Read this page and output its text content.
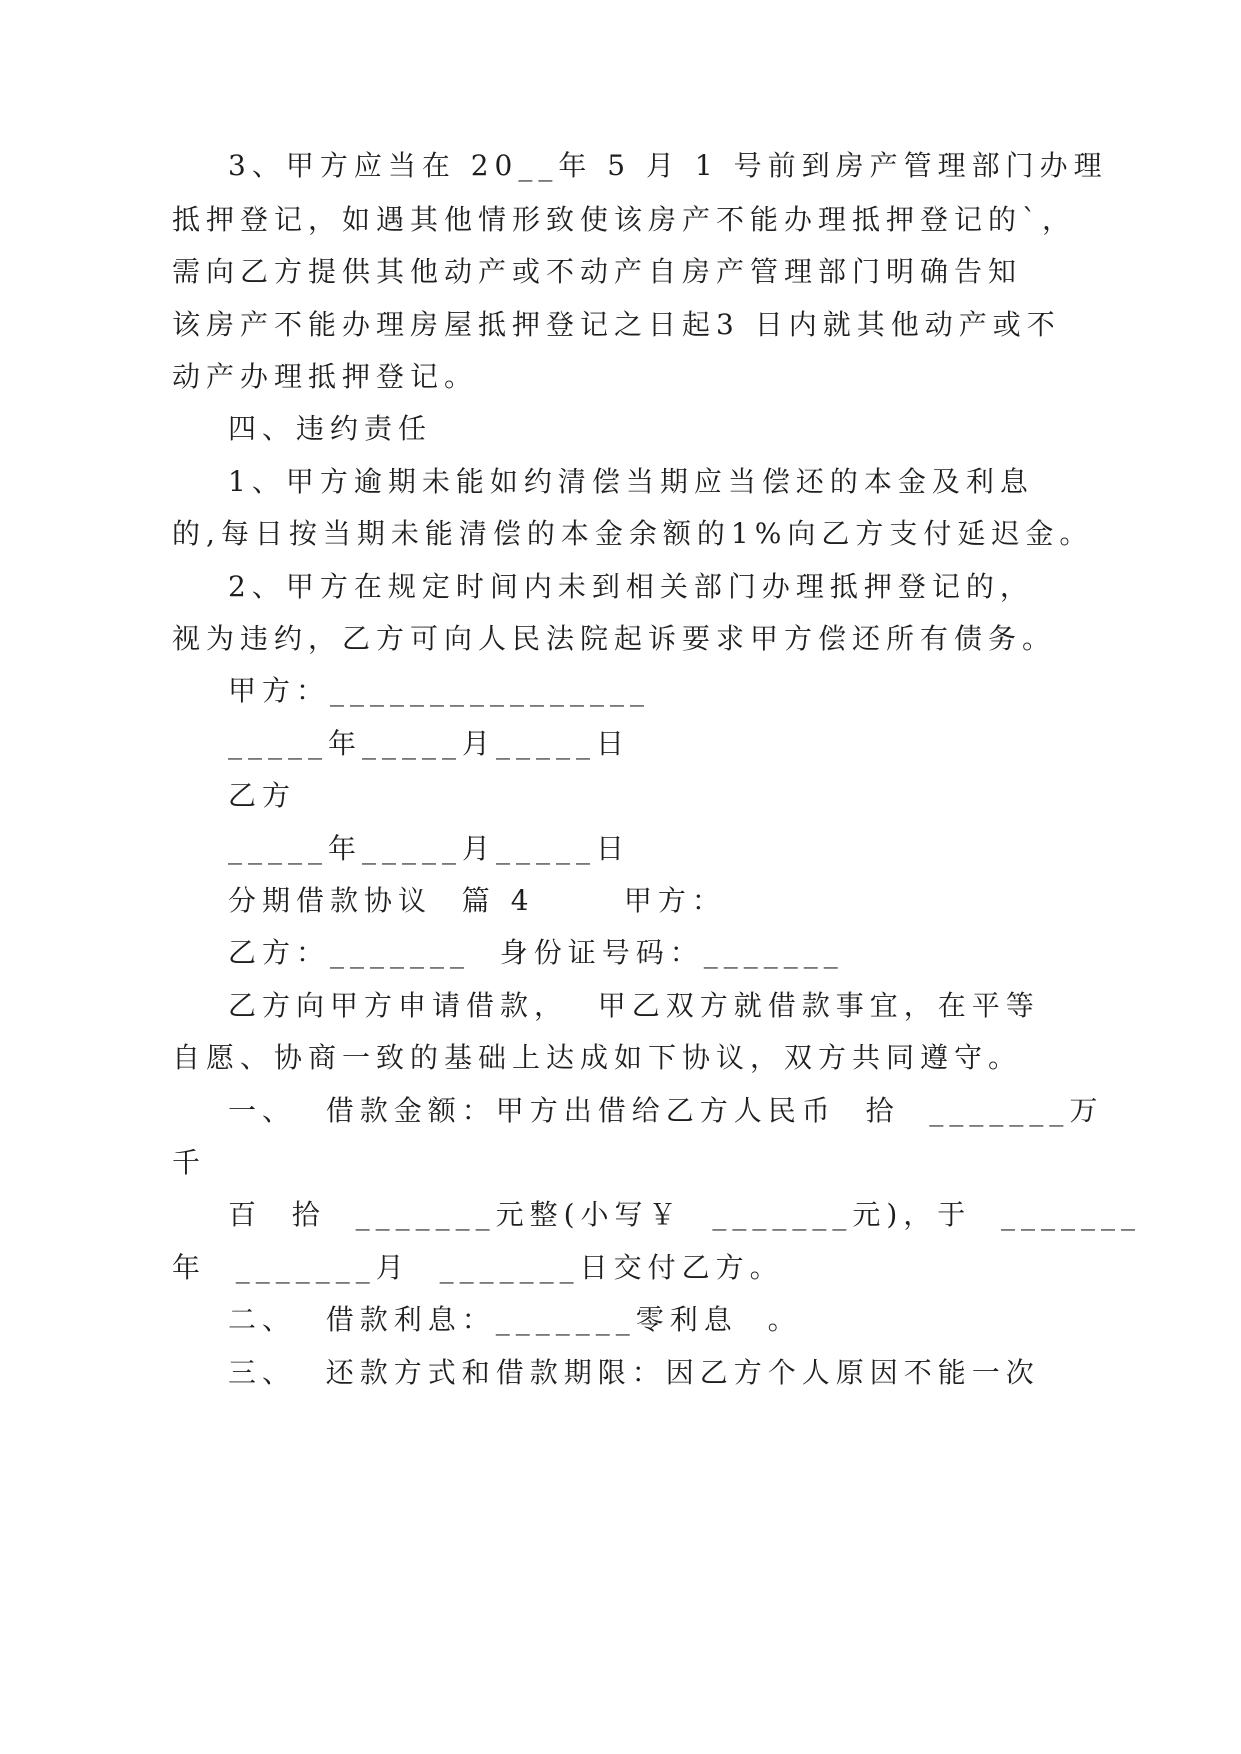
3、甲方应当在 20__年 5 月 1 号前到房产管理部门办理
抵押登记，如遇其他情形致使该房产不能办理抵押登记的`，
需向乙方提供其他动产或不动产自房产管理部门明确告知
该房产不能办理房屋抵押登记之日起3 日内就其他动产或不
动产办理抵押登记。
四、违约责任
1、甲方逾期未能如约清偿当期应当偿还的本金及利息
的,每日按当期未能清偿的本金余额的1%向乙方支付延迟金。
2、甲方在规定时间内未到相关部门办理抵押登记的，
视为违约，乙方可向人民法院起诉要求甲方偿还所有债务。
甲方：________________
_____年_____月_____日
乙方
_____年_____月_____日
分期借款协议  篇 4      甲方：
乙方：_______  身份证号码：_______
乙方向甲方申请借款，  甲乙双方就借款事宜，在平等
自愿、协商一致的基础上达成如下协议，双方共同遵守。
一、  借款金额：甲方出借给乙方人民币  拾  _______万
千
百  拾  _______元整(小写￥  _______元)，于  _______
年  _______月  _______日交付乙方。
二、  借款利息：_______零利息  。
三、  还款方式和借款期限：因乙方个人原因不能一次
